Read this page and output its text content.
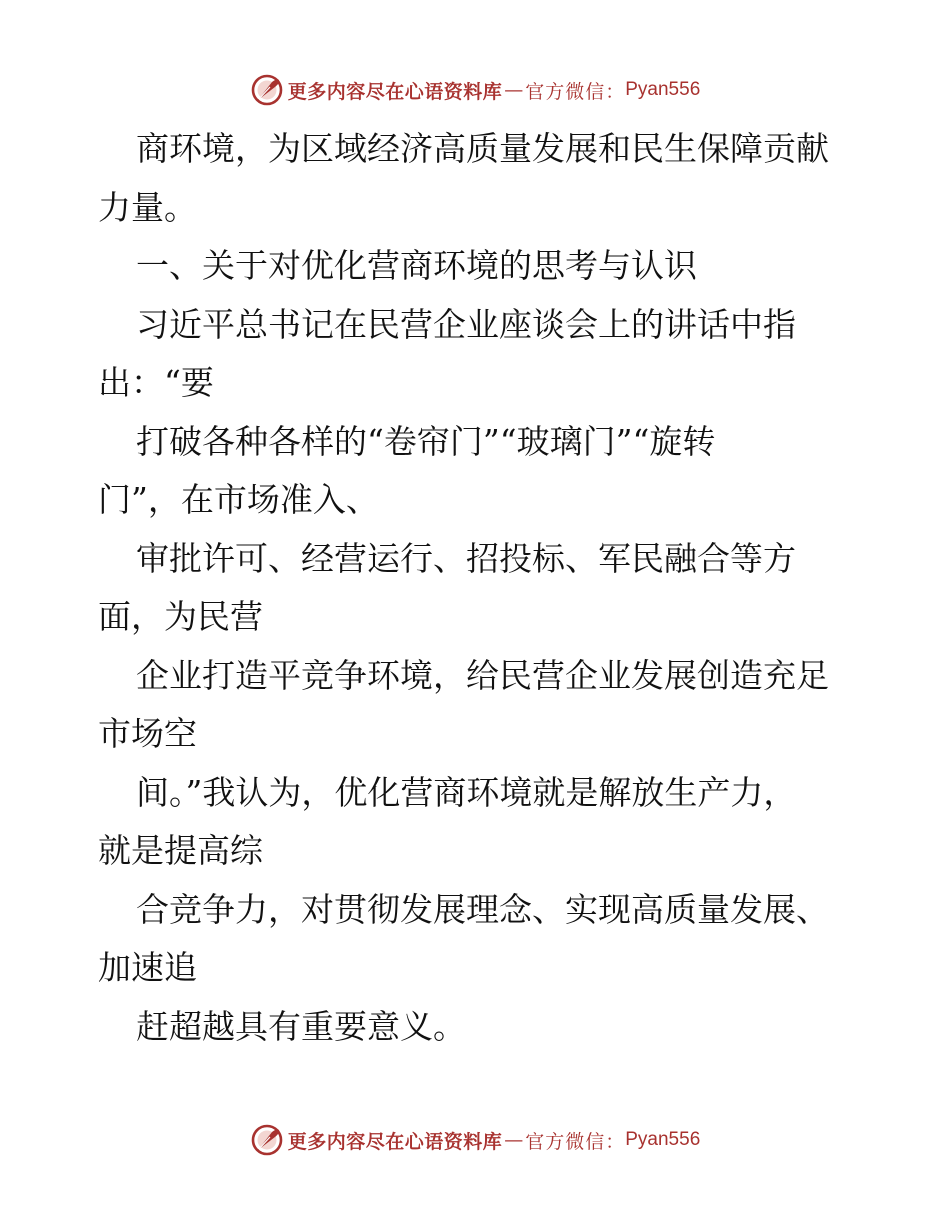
更多内容尽在心语资料库 — 官方微信： Pyan556
商环境，为区域经济高质量发展和民生保障贡献
力量。
一、关于对优化营商环境的思考与认识
习近平总书记在民营企业座谈会上的讲话中指
出：“要
打破各种各样的“卷帘门”“玻璃门”“旋转
门”，在市场准入、
审批许可、经营运行、招投标、军民融合等方
面，为民营
企业打造平竞争环境，给民营企业发展创造充足
市场空
间。”我认为，优化营商环境就是解放生产力，
就是提高综
合竞争力，对贯彻发展理念、实现高质量发展、
加速追
赶超越具有重要意义。
更多内容尽在心语资料库 — 官方微信： Pyan556
